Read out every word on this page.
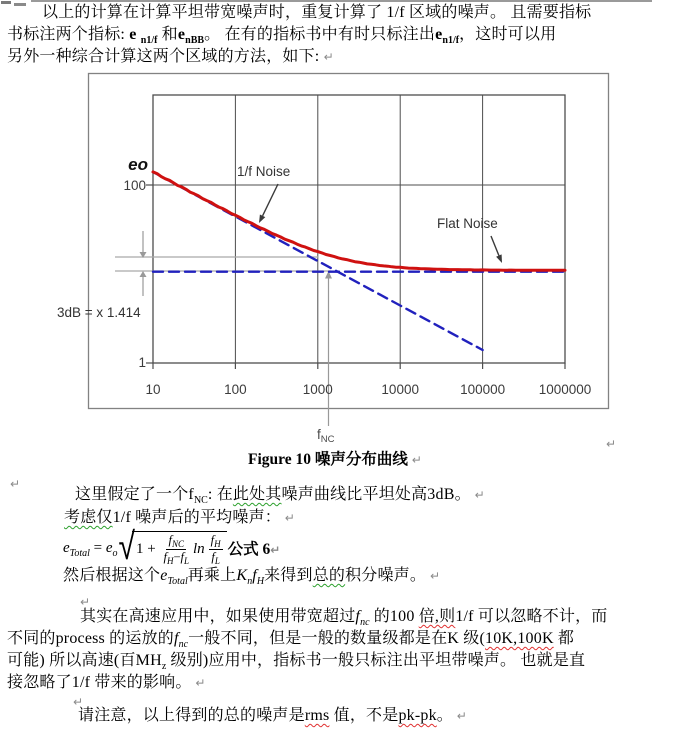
以上的计算在计算平坦带宽噪声时，重复计算了 1/f 区域的噪声。 且需要指标
书标注两个指标: e $_{n1/f}$ 和$e_{nBB}$。 在有的指标书中有时只标注出$e_{n1/f}$，这时可以用
另外一种综合计算这两个区域的方法，如下: ↵
eo
100
1
10	100	1000	10000	100000 1000000
1/f Noise
Flat Noise
3dB = x 1.414
$f_{NC}$	↵
Figure 10 噪声分布曲线 ↵
↵
这里假定了一个$f_{NC}$: 在此处其噪声曲线比平坦处高3dB。 ↵
考虑仅1/f 噪声后的平均噪声： ↵
$e_{Total} = e_o$ √ $1 + \frac{f_{NC}}{f_H-f_L}$ $\ln \frac{f_H}{f_L}$ 公式 6↵
然后根据这个$e_{Total}$再乘上$K_nf_H$来得到总的积分噪声。 ↵
↵
其实在高速应用中，如果使用带宽超过$f_{nc}$ 的100 倍,则1/f 可以忽略不计，而
不同的process 的运放的$f_{nc}$一般不同，但是一般的数量级都是在K 级(10K,100K 都
可能) 所以高速(百$MH_z$ 级别)应用中，指标书一般只标注出平坦带噪声。 也就是直
接忽略了1/f 带来的影响。 ↵
↵
请注意，以上得到的总的噪声是rms 值，不是pk-pk。 ↵
